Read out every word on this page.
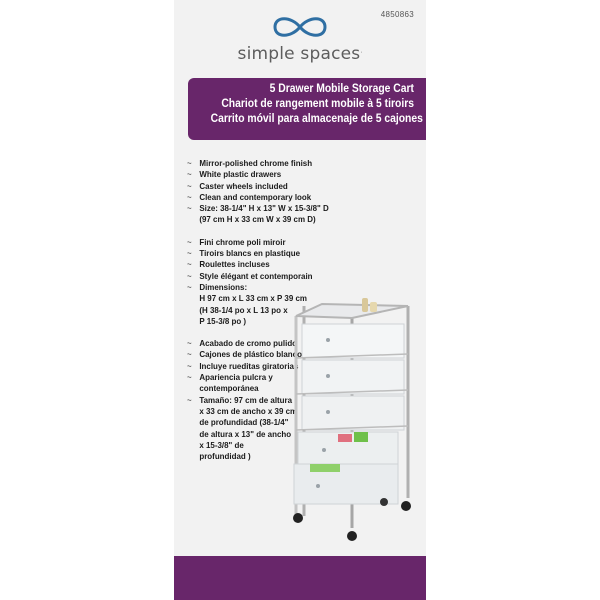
4850863
simple spaces.
5 Drawer Mobile Storage Cart
Chariot de rangement mobile à 5 tiroirs
Carrito móvil para almacenaje de 5 cajones
~ Mirror-polished chrome finish
~ White plastic drawers
~ Caster wheels included
~ Clean and contemporary look
~ Size: 38-1/4" H x 13" W x 15-3/8" D
(97 cm H x 33 cm W x 39 cm D)
~ Fini chrome poli miroir
~ Tiroirs blancs en plastique
~ Roulettes incluses
~ Style élégant et contemporain
~ Dimensions:
H 97 cm x L 33 cm x P 39 cm
(H 38-1/4 po x L 13 po x
P 15-3/8 po )
~ Acabado de cromo pulido
~ Cajones de plástico blanco
~ Incluye rueditas giratorias
~ Apariencia pulcra y
contemporánea
~ Tamaño: 97 cm de altura
x 33 cm de ancho x 39 cm
de profundidad (38-1/4"
de altura x 13" de ancho
x 15-3/8" de
profundidad )
